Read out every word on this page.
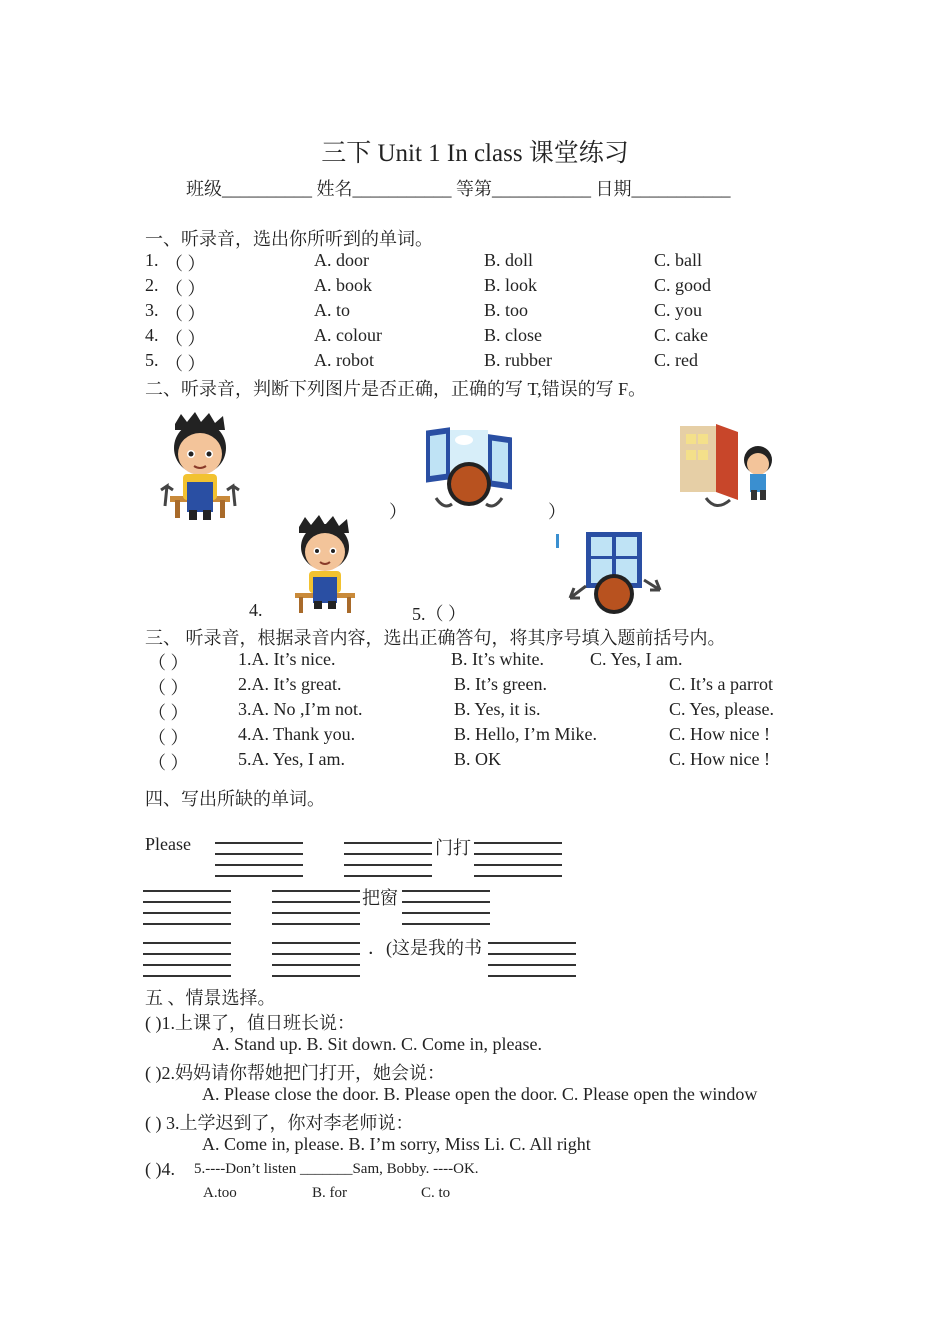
三下 Unit 1 In class 课堂练习
班级__________ 姓名___________ 等第___________ 日期___________
一、听录音，选出你所听到的单词。
1. （ ）	A. door	B. doll	C. ball
2. （ ）	A. book	B. look	C. good
3. （ ）	A. to	B. too	C. you
4. （ ）	A. colour	B. close	C. cake
5. （ ）	A. robot	B. rubber	C. red
二、听录音，判断下列图片是否正确，正确的写 T,错误的写 F。
）	）
4.	5.（ ）
三、 听录音，根据录音内容，选出正确答句，将其序号填入题前括号内。
（ ）	1.A. It’s nice.	B. It’s white.	C. Yes, I am.
（ ）	2.A. It’s great.	B. It’s green.	C. It’s a parrot
（ ）	3.A. No ,I’m not.	B. Yes, it is.	C. Yes, please.
（ ）	4.A. Thank you.	B. Hello, I’m Mike.	C. How nice !
（ ）	5.A. Yes, I am.	B. OK	C. How nice !
四、写出所缺的单词。
Please	门打
把窗
．(这是我的书
五 、情景选择。
( )1.上课了，值日班长说：
A. Stand up. B. Sit down. C. Come in, please.
( )2.妈妈请你帮她把门打开，她会说：
A. Please close the door. B. Please open the door. C. Please open the window
( ) 3.上学迟到了，你对李老师说：
A. Come in, please. B. I’m sorry, Miss Li. C. All right
( )4. 5.----Don’t listen _______Sam, Bobby. ----OK.
A.too	B. for	C. to
